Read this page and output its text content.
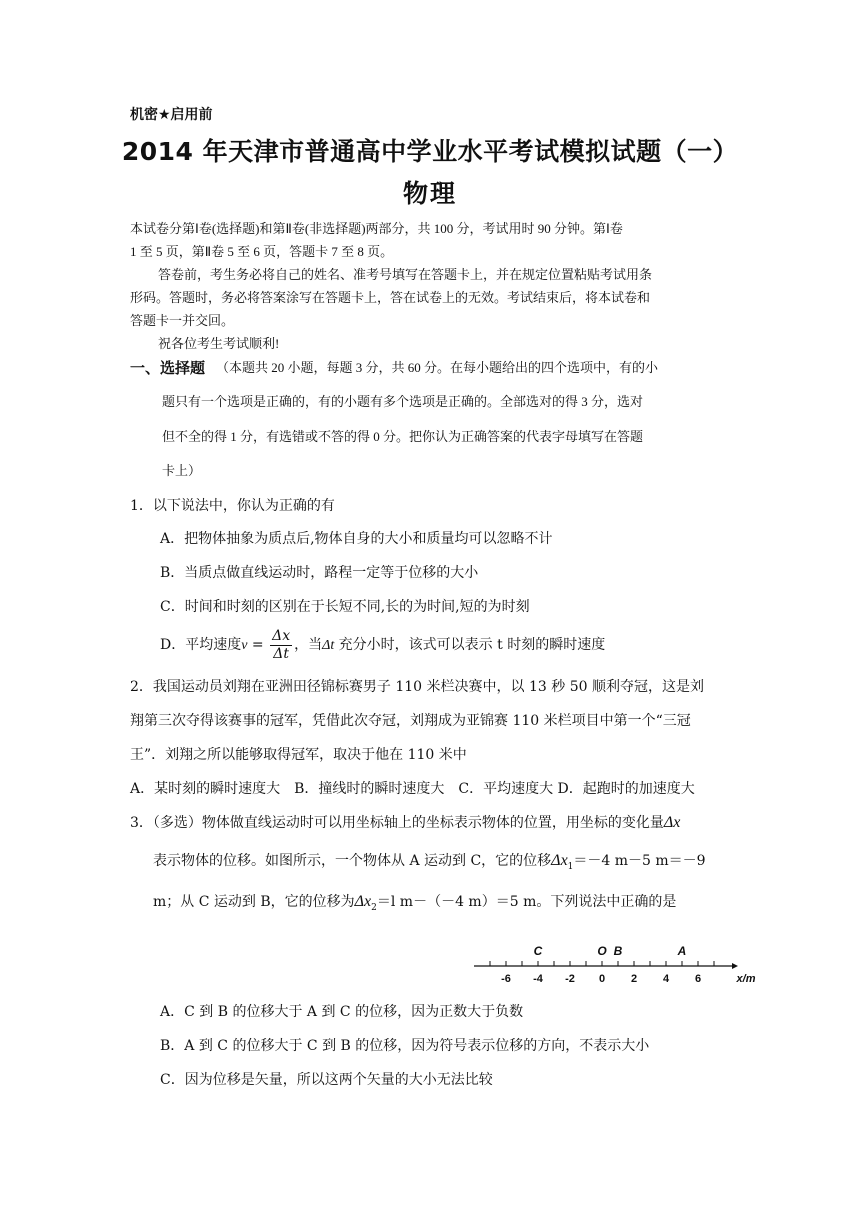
机密★启用前
2014 年天津市普通高中学业水平考试模拟试题（一）
物理
本试卷分第Ⅰ卷(选择题)和第Ⅱ卷(非选择题)两部分，共 100 分，考试用时 90 分钟。第Ⅰ卷
1 至 5 页，第Ⅱ卷 5 至 6 页，答题卡 7 至 8 页。
答卷前，考生务必将自己的姓名、准考号填写在答题卡上，并在规定位置粘贴考试用条
形码。答题时，务必将答案涂写在答题卡上，答在试卷上的无效。考试结束后，将本试卷和
答题卡一并交回。
祝各位考生考试顺利!
一、选择题 （本题共 20 小题，每题 3 分，共 60 分。在每小题给出的四个选项中，有的小
题只有一个选项是正确的，有的小题有多个选项是正确的。全部选对的得 3 分，选对
但不全的得 1 分，有选错或不答的得 0 分。把你认为正确答案的代表字母填写在答题
卡上）
1．以下说法中，你认为正确的有
A．把物体抽象为质点后,物体自身的大小和质量均可以忽略不计
B．当质点做直线运动时，路程一定等于位移的大小
C．时间和时刻的区别在于长短不同,长的为时间,短的为时刻
D．平均速度$v = \frac{\Delta x}{\Delta t}$ ，当Δt 充分小时，该式可以表示 t 时刻的瞬时速度
2．我国运动员刘翔在亚洲田径锦标赛男子 110 米栏决赛中，以 13 秒 50 顺利夺冠，这是刘
翔第三次夺得该赛事的冠军，凭借此次夺冠，刘翔成为亚锦赛 110 米栏项目中第一个“三冠
王”．刘翔之所以能够取得冠军，取决于他在 110 米中
A．某时刻的瞬时速度大　B．撞线时的瞬时速度大　C．平均速度大 D．起跑时的加速度大
3．（多选）物体做直线运动时可以用坐标轴上的坐标表示物体的位置，用坐标的变化量Δx
表示物体的位移。如图所示，一个物体从 A 运动到 C，它的位移$\Delta x_1=-4$ m－5 m＝－9
m；从 C 运动到 B，它的位移为$\Delta x_2=l$ m－（－4 m）＝5 m。下列说法中正确的是
-6 -4 -2 0 2 4 6
C	O B	A
x/m
A．C 到 B 的位移大于 A 到 C 的位移，因为正数大于负数
B．A 到 C 的位移大于 C 到 B 的位移，因为符号表示位移的方向，不表示大小
C．因为位移是矢量，所以这两个矢量的大小无法比较
